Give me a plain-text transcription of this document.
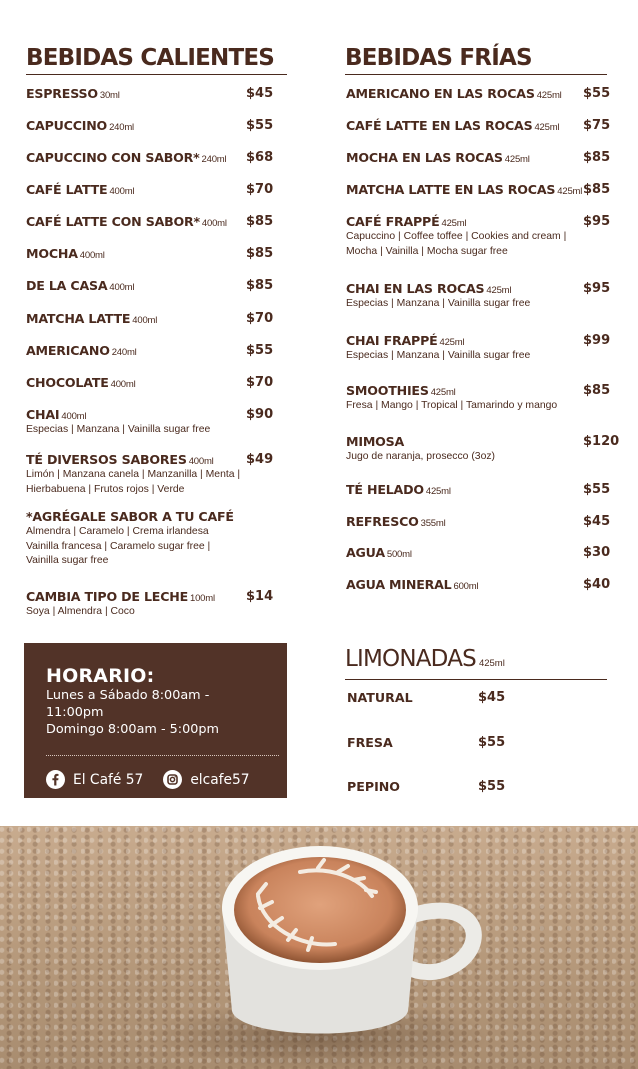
BEBIDAS CALIENTES
ESPRESSO 30ml	$45
CAPUCCINO 240ml	$55
CAPUCCINO CON SABOR* 240ml	$68
CAFÉ LATTE 400ml	$70
CAFÉ LATTE CON SABOR* 400ml	$85
MOCHA 400ml	$85
DE LA CASA 400ml	$85
MATCHA LATTE 400ml	$70
AMERICANO 240ml	$55
CHOCOLATE 400ml	$70
CHAI 400ml	$90
Especias | Manzana | Vainilla sugar free
TÉ DIVERSOS SABORES 400ml	$49
Limón | Manzana canela | Manzanilla | Menta | Hierbabuena | Frutos rojos | Verde
*AGRÉGALE SABOR A TU CAFÉ
Almendra | Caramelo | Crema irlandesa Vainilla francesa | Caramelo sugar free | Vainilla sugar free
CAMBIA TIPO DE LECHE 100ml	$14
Soya | Almendra | Coco
BEBIDAS FRÍAS
AMERICANO EN LAS ROCAS 425ml	$55
CAFÉ LATTE EN LAS ROCAS 425ml	$75
MOCHA EN LAS ROCAS 425ml	$85
MATCHA LATTE EN LAS ROCAS 425ml $85
CAFÉ FRAPPÉ 425ml	$95
Capuccino | Coffee toffee | Cookies and cream | Mocha | Vainilla | Mocha sugar free
CHAI EN LAS ROCAS 425ml	$95
Especias | Manzana | Vainilla sugar free
CHAI FRAPPÉ 425ml	$99
Especias | Manzana | Vainilla sugar free
SMOOTHIES 425ml	$85
Fresa | Mango | Tropical | Tamarindo y mango
MIMOSA	$120
Jugo de naranja, prosecco (3oz)
TÉ HELADO 425ml	$55
REFRESCO 355ml	$45
AGUA 500ml	$30
AGUA MINERAL 600ml	$40
HORARIO:
Lunes a Sábado 8:00am - 11:00pm
Domingo 8:00am - 5:00pm
El Café 57	elcafe57
LIMONADAS 425ml
NATURAL	$45
FRESA	$55
PEPINO	$55
